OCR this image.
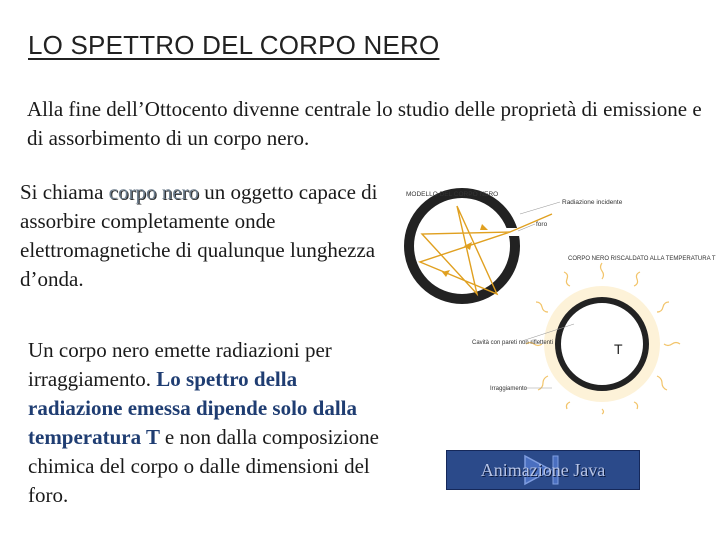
LO SPETTRO DEL CORPO NERO
Alla fine dell’Ottocento divenne centrale lo studio delle proprietà di emissione e di assorbimento di un corpo nero.
Si chiama corpo nero un oggetto capace di assorbire completamente onde elettromagnetiche di qualunque lunghezza d’onda.
Un corpo nero emette radiazioni per irraggiamento. Lo spettro della radiazione emessa dipende solo dalla temperatura T e non dalla composizione chimica del corpo o dalle dimensioni del foro.
MODELLO DEL CORPO NERO
Radiazione incidente
foro
T
CORPO NERO RISCALDATO ALLA TEMPERATURA T
Cavità con pareti non riflettenti
Irraggiamento
Animazione Java
